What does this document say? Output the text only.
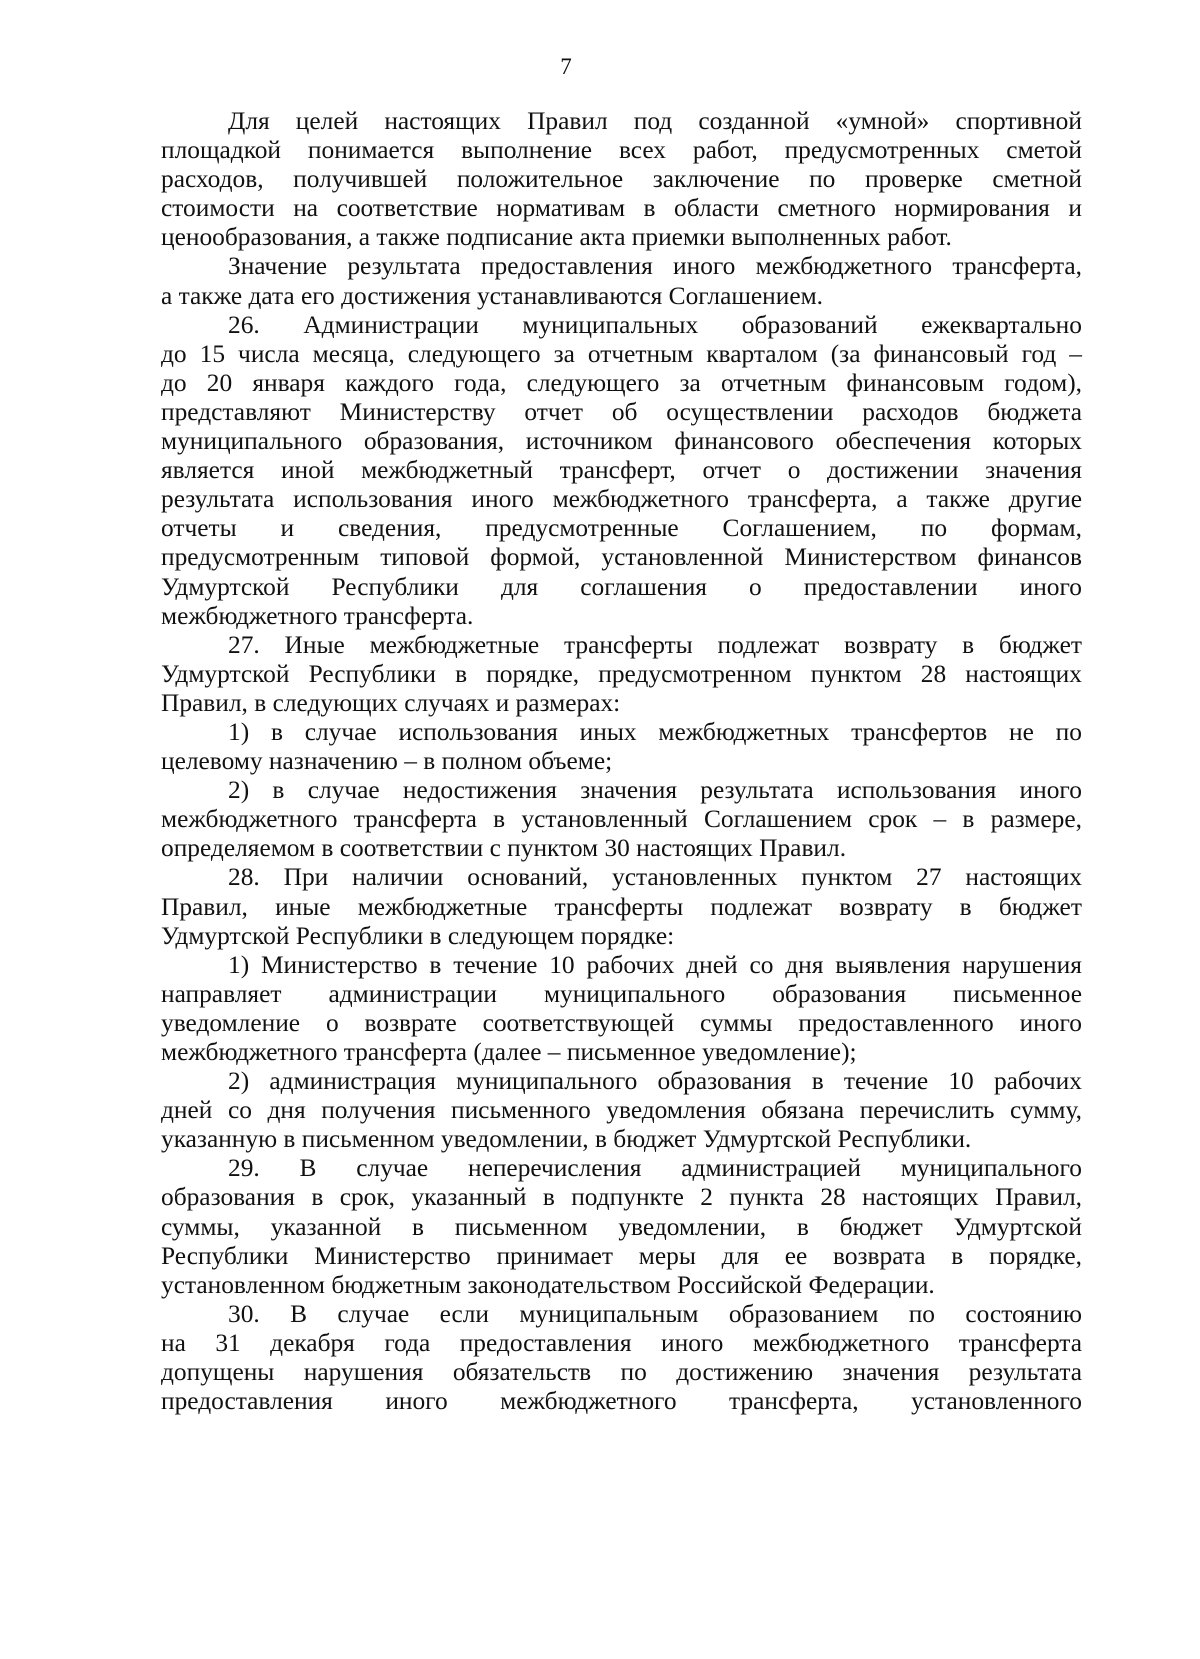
7
Для целей настоящих Правил под созданной «умной» спортивной
площадкой понимается выполнение всех работ, предусмотренных сметой
расходов, получившей положительное заключение по проверке сметной
стоимости на соответствие нормативам в области сметного нормирования и
ценообразования, а также подписание акта приемки выполненных работ.
Значение результата предоставления иного межбюджетного трансферта,
а также дата его достижения устанавливаются Соглашением.
26. Администрации муниципальных образований ежеквартально
до 15 числа месяца, следующего за отчетным кварталом (за финансовый год –
до 20 января каждого года, следующего за отчетным финансовым годом),
представляют Министерству отчет об осуществлении расходов бюджета
муниципального образования, источником финансового обеспечения которых
является иной межбюджетный трансферт, отчет о достижении значения
результата использования иного межбюджетного трансферта, а также другие
отчеты и сведения, предусмотренные Соглашением, по формам,
предусмотренным типовой формой, установленной Министерством финансов
Удмуртской Республики для соглашения о предоставлении иного
межбюджетного трансферта.
27. Иные межбюджетные трансферты подлежат возврату в бюджет
Удмуртской Республики в порядке, предусмотренном пунктом 28 настоящих
Правил, в следующих случаях и размерах:
1) в случае использования иных межбюджетных трансфертов не по
целевому назначению – в полном объеме;
2) в случае недостижения значения результата использования иного
межбюджетного трансферта в установленный Соглашением срок – в размере,
определяемом в соответствии с пунктом 30 настоящих Правил.
28. При наличии оснований, установленных пунктом 27 настоящих
Правил, иные межбюджетные трансферты подлежат возврату в бюджет
Удмуртской Республики в следующем порядке:
1) Министерство в течение 10 рабочих дней со дня выявления нарушения
направляет администрации муниципального образования письменное
уведомление о возврате соответствующей суммы предоставленного иного
межбюджетного трансферта (далее – письменное уведомление);
2) администрация муниципального образования в течение 10 рабочих
дней со дня получения письменного уведомления обязана перечислить сумму,
указанную в письменном уведомлении, в бюджет Удмуртской Республики.
29. В случае неперечисления администрацией муниципального
образования в срок, указанный в подпункте 2 пункта 28 настоящих Правил,
суммы, указанной в письменном уведомлении, в бюджет Удмуртской
Республики Министерство принимает меры для ее возврата в порядке,
установленном бюджетным законодательством Российской Федерации.
30. В случае если муниципальным образованием по состоянию
на 31 декабря года предоставления иного межбюджетного трансферта
допущены нарушения обязательств по достижению значения результата
предоставления иного межбюджетного трансферта, установленного
